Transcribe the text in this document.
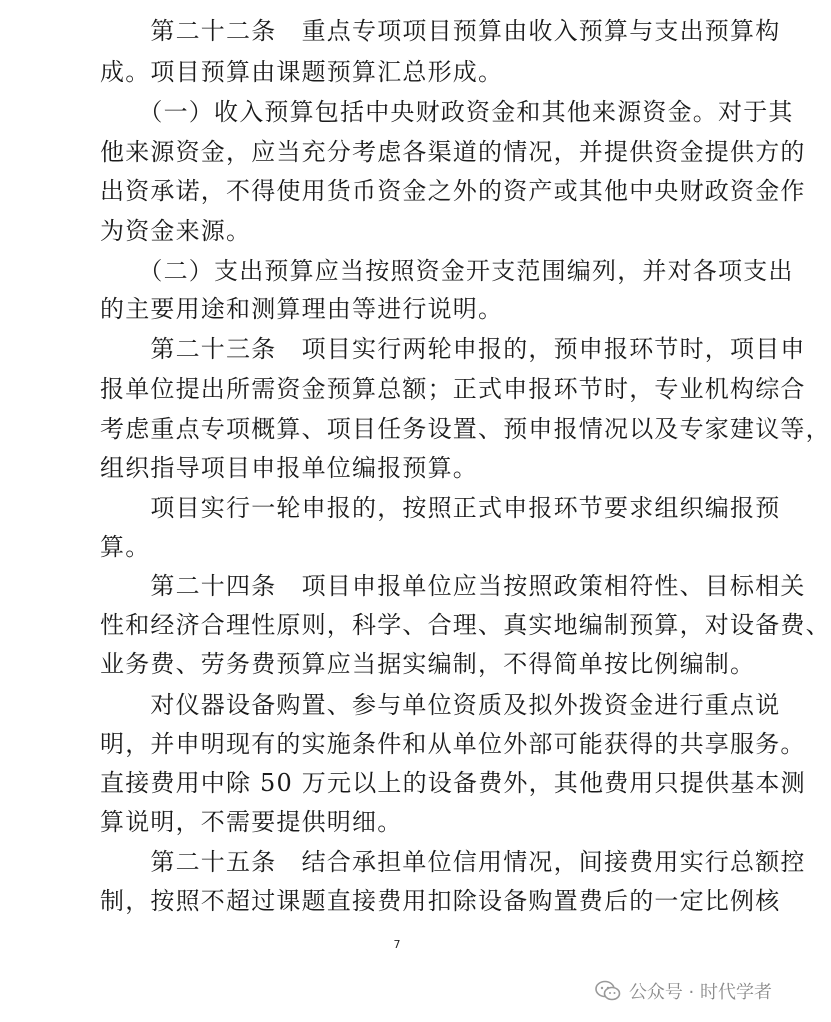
　　第二十二条　重点专项项目预算由收入预算与支出预算构
成。项目预算由课题预算汇总形成。
　　（一）收入预算包括中央财政资金和其他来源资金。对于其
他来源资金，应当充分考虑各渠道的情况，并提供资金提供方的
出资承诺，不得使用货币资金之外的资产或其他中央财政资金作
为资金来源。
　　（二）支出预算应当按照资金开支范围编列，并对各项支出
的主要用途和测算理由等进行说明。
　　第二十三条　项目实行两轮申报的，预申报环节时，项目申
报单位提出所需资金预算总额；正式申报环节时，专业机构综合
考虑重点专项概算、项目任务设置、预申报情况以及专家建议等，
组织指导项目申报单位编报预算。
　　项目实行一轮申报的，按照正式申报环节要求组织编报预
算。
　　第二十四条　项目申报单位应当按照政策相符性、目标相关
性和经济合理性原则，科学、合理、真实地编制预算，对设备费、
业务费、劳务费预算应当据实编制，不得简单按比例编制。
　　对仪器设备购置、参与单位资质及拟外拨资金进行重点说
明，并申明现有的实施条件和从单位外部可能获得的共享服务。
直接费用中除 50 万元以上的设备费外，其他费用只提供基本测
算说明，不需要提供明细。
　　第二十五条　结合承担单位信用情况，间接费用实行总额控
制，按照不超过课题直接费用扣除设备购置费后的一定比例核
7
公众号 · 时代学者
